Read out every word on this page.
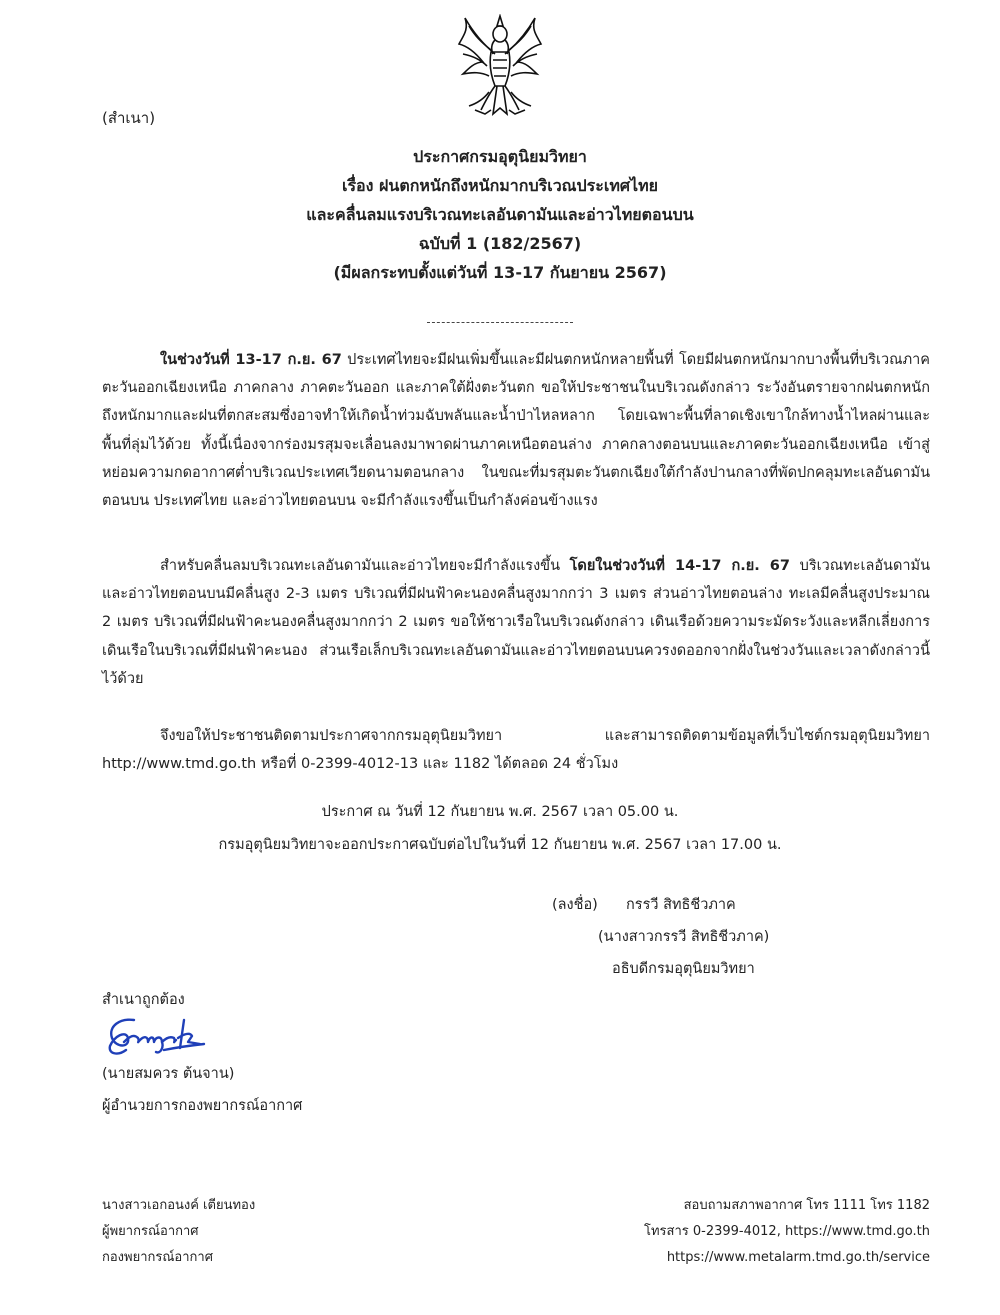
(สำเนา)
ประกาศกรมอุตุนิยมวิทยา
เรื่อง ฝนตกหนักถึงหนักมากบริเวณประเทศไทย
และคลื่นลมแรงบริเวณทะเลอันดามันและอ่าวไทยตอนบน
ฉบับที่ 1 (182/2567)
(มีผลกระทบตั้งแต่วันที่ 13-17 กันยายน 2567)
ในช่วงวันที่ 13-17 ก.ย. 67 ประเทศไทยจะมีฝนเพิ่มขึ้นและมีฝนตกหนักหลายพื้นที่ โดยมีฝนตกหนักมากบางพื้นที่บริเวณภาคตะวันออกเฉียงเหนือ ภาคกลาง ภาคตะวันออก และภาคใต้ฝั่งตะวันตก ขอให้ประชาชนในบริเวณดังกล่าว ระวังอันตรายจากฝนตกหนักถึงหนักมากและฝนที่ตกสะสมซึ่งอาจทำให้เกิดน้ำท่วมฉับพลันและน้ำป่าไหลหลาก โดยเฉพาะพื้นที่ลาดเชิงเขาใกล้ทางน้ำไหลผ่านและพื้นที่ลุ่มไว้ด้วย ทั้งนี้เนื่องจากร่องมรสุมจะเลื่อนลงมาพาดผ่านภาคเหนือตอนล่าง ภาคกลางตอนบนและภาคตะวันออกเฉียงเหนือ เข้าสู่หย่อมความกดอากาศต่ำบริเวณประเทศเวียดนามตอนกลาง ในขณะที่มรสุมตะวันตกเฉียงใต้กำลังปานกลางที่พัดปกคลุมทะเลอันดามันตอนบน ประเทศไทย และอ่าวไทยตอนบน จะมีกำลังแรงขึ้นเป็นกำลังค่อนข้างแรง
สำหรับคลื่นลมบริเวณทะเลอันดามันและอ่าวไทยจะมีกำลังแรงขึ้น โดยในช่วงวันที่ 14-17 ก.ย. 67 บริเวณทะเลอันดามันและอ่าวไทยตอนบนมีคลื่นสูง 2-3 เมตร บริเวณที่มีฝนฟ้าคะนองคลื่นสูงมากกว่า 3 เมตร ส่วนอ่าวไทยตอนล่าง ทะเลมีคลื่นสูงประมาณ 2 เมตร บริเวณที่มีฝนฟ้าคะนองคลื่นสูงมากกว่า 2 เมตร ขอให้ชาวเรือในบริเวณดังกล่าว เดินเรือด้วยความระมัดระวังและหลีกเลี่ยงการเดินเรือในบริเวณที่มีฝนฟ้าคะนอง ส่วนเรือเล็กบริเวณทะเลอันดามันและอ่าวไทยตอนบนควรงดออกจากฝั่งในช่วงวันและเวลาดังกล่าวนี้ไว้ด้วย
จึงขอให้ประชาชนติดตามประกาศจากกรมอุตุนิยมวิทยา และสามารถติดตามข้อมูลที่เว็บไซต์กรมอุตุนิยมวิทยา http://www.tmd.go.th หรือที่ 0-2399-4012-13 และ 1182 ได้ตลอด 24 ชั่วโมง
ประกาศ ณ วันที่ 12 กันยายน พ.ศ. 2567 เวลา 05.00 น.
กรมอุตุนิยมวิทยาจะออกประกาศฉบับต่อไปในวันที่ 12 กันยายน พ.ศ. 2567 เวลา 17.00 น.
(ลงชื่อ) กรรวี สิทธิชีวภาค
(นางสาวกรรวี สิทธิชีวภาค)
อธิบดีกรมอุตุนิยมวิทยา
สำเนาถูกต้อง
(นายสมควร ต้นจาน)
ผู้อำนวยการกองพยากรณ์อากาศ
นางสาวเอกอนงค์ เตียนทอง
ผู้พยากรณ์อากาศ
กองพยากรณ์อากาศ
สอบถามสภาพอากาศ โทร 1111 โทร 1182
โทรสาร 0-2399-4012, https://www.tmd.go.th
https://www.metalarm.tmd.go.th/service
